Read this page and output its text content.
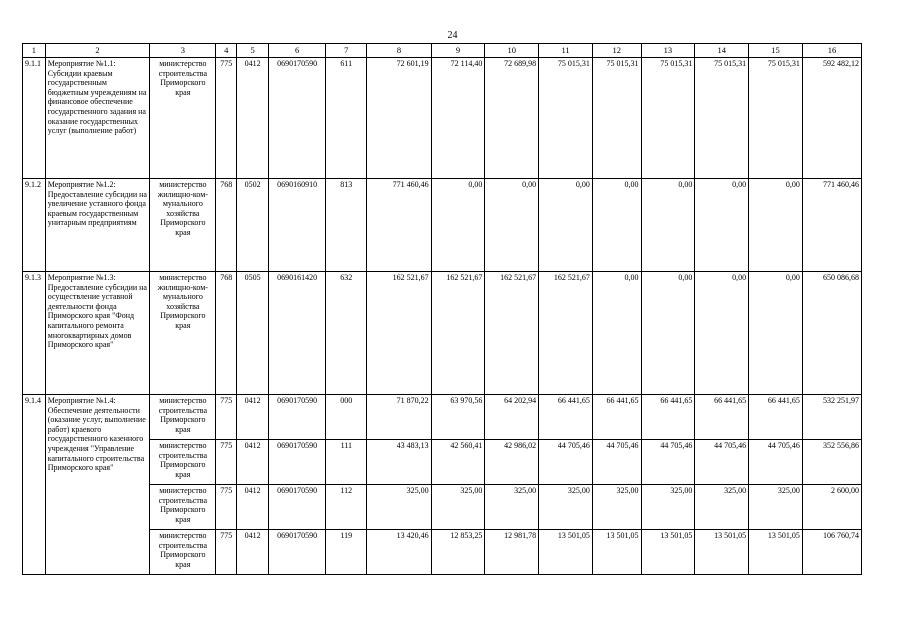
24
1	2	3	4	5	6	7	8	9	10	11	12	13	14	15	16
9.1.1	Мероприятие №1.1: Субсидии краевым государственным бюджетным учреждениям на финансовое обеспечение государственного задания на оказание государственных услуг (выполнение работ)	министерство строительства Приморского края	775	0412	0690170590	611	72 601,19	72 114,40	72 689,98	75 015,31	75 015,31	75 015,31	75 015,31	75 015,31	592 482,12
9.1.2	Мероприятие №1.2: Предоставление субсидии на увеличение уставного фонда краевым государственным унитарным предприятиям	министерство жилищно-ком-мунального хозяйства Приморского края	768	0502	0690160910	813	771 460,46	0,00	0,00	0,00	0,00	0,00	0,00	0,00	771 460,46
9.1.3	Мероприятие №1.3: Предоставление субсидии на осуществление уставной деятельности фонда Приморского края "Фонд капитального ремонта многоквартирных домов Приморского края"	министерство жилищно-ком-мунального хозяйства Приморского края	768	0505	0690161420	632	162 521,67	162 521,67	162 521,67	162 521,67	0,00	0,00	0,00	0,00	650 086,68
9.1.4	Мероприятие №1.4: Обеспечение деятельности (оказание услуг, выполнение работ) краевого государственного казенного учреждения "Управление капитального строительства Приморского края"	министерство строительства Приморского края	775	0412	0690170590	000	71 870,22	63 970,56	64 202,94	66 441,65	66 441,65	66 441,65	66 441,65	66 441,65	532 251,97
		министерство строительства Приморского края	775	0412	0690170590	111	43 483,13	42 560,41	42 986,02	44 705,46	44 705,46	44 705,46	44 705,46	44 705,46	352 556,86
		министерство строительства Приморского края	775	0412	0690170590	112	325,00	325,00	325,00	325,00	325,00	325,00	325,00	325,00	2 600,00
		министерство строительства Приморского края	775	0412	0690170590	119	13 420,46	12 853,25	12 981,78	13 501,05	13 501,05	13 501,05	13 501,05	13 501,05	106 760,74
